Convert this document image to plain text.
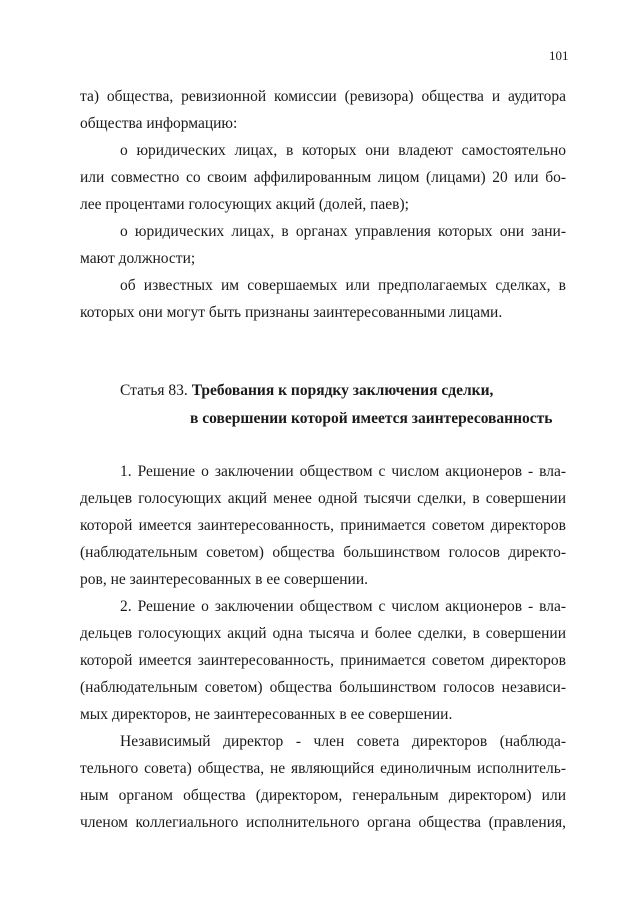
101
та) общества, ревизионной комиссии (ревизора) общества и аудитора
общества информацию:
о юридических лицах, в которых они владеют самостоятельно
или совместно со своим аффилированным лицом (лицами) 20 или бо-
лее процентами голосующих акций (долей, паев);
о юридических лицах, в органах управления которых они зани-
мают должности;
об известных им совершаемых или предполагаемых сделках, в
которых они могут быть признаны заинтересованными лицами.
Статья 83. Требования к порядку заключения сделки,
в совершении которой имеется заинтересованность
1. Решение о заключении обществом с числом акционеров - вла-
дельцев голосующих акций менее одной тысячи сделки, в совершении
которой имеется заинтересованность, принимается советом директоров
(наблюдательным советом) общества большинством голосов директо-
ров, не заинтересованных в ее совершении.
2. Решение о заключении обществом с числом акционеров - вла-
дельцев голосующих акций одна тысяча и более сделки, в совершении
которой имеется заинтересованность, принимается советом директоров
(наблюдательным советом) общества большинством голосов независи-
мых директоров, не заинтересованных в ее совершении.
Независимый директор - член совета директоров (наблюда-
тельного совета) общества, не являющийся единоличным исполнитель-
ным органом общества (директором, генеральным директором) или
членом коллегиального исполнительного органа общества (правления,
